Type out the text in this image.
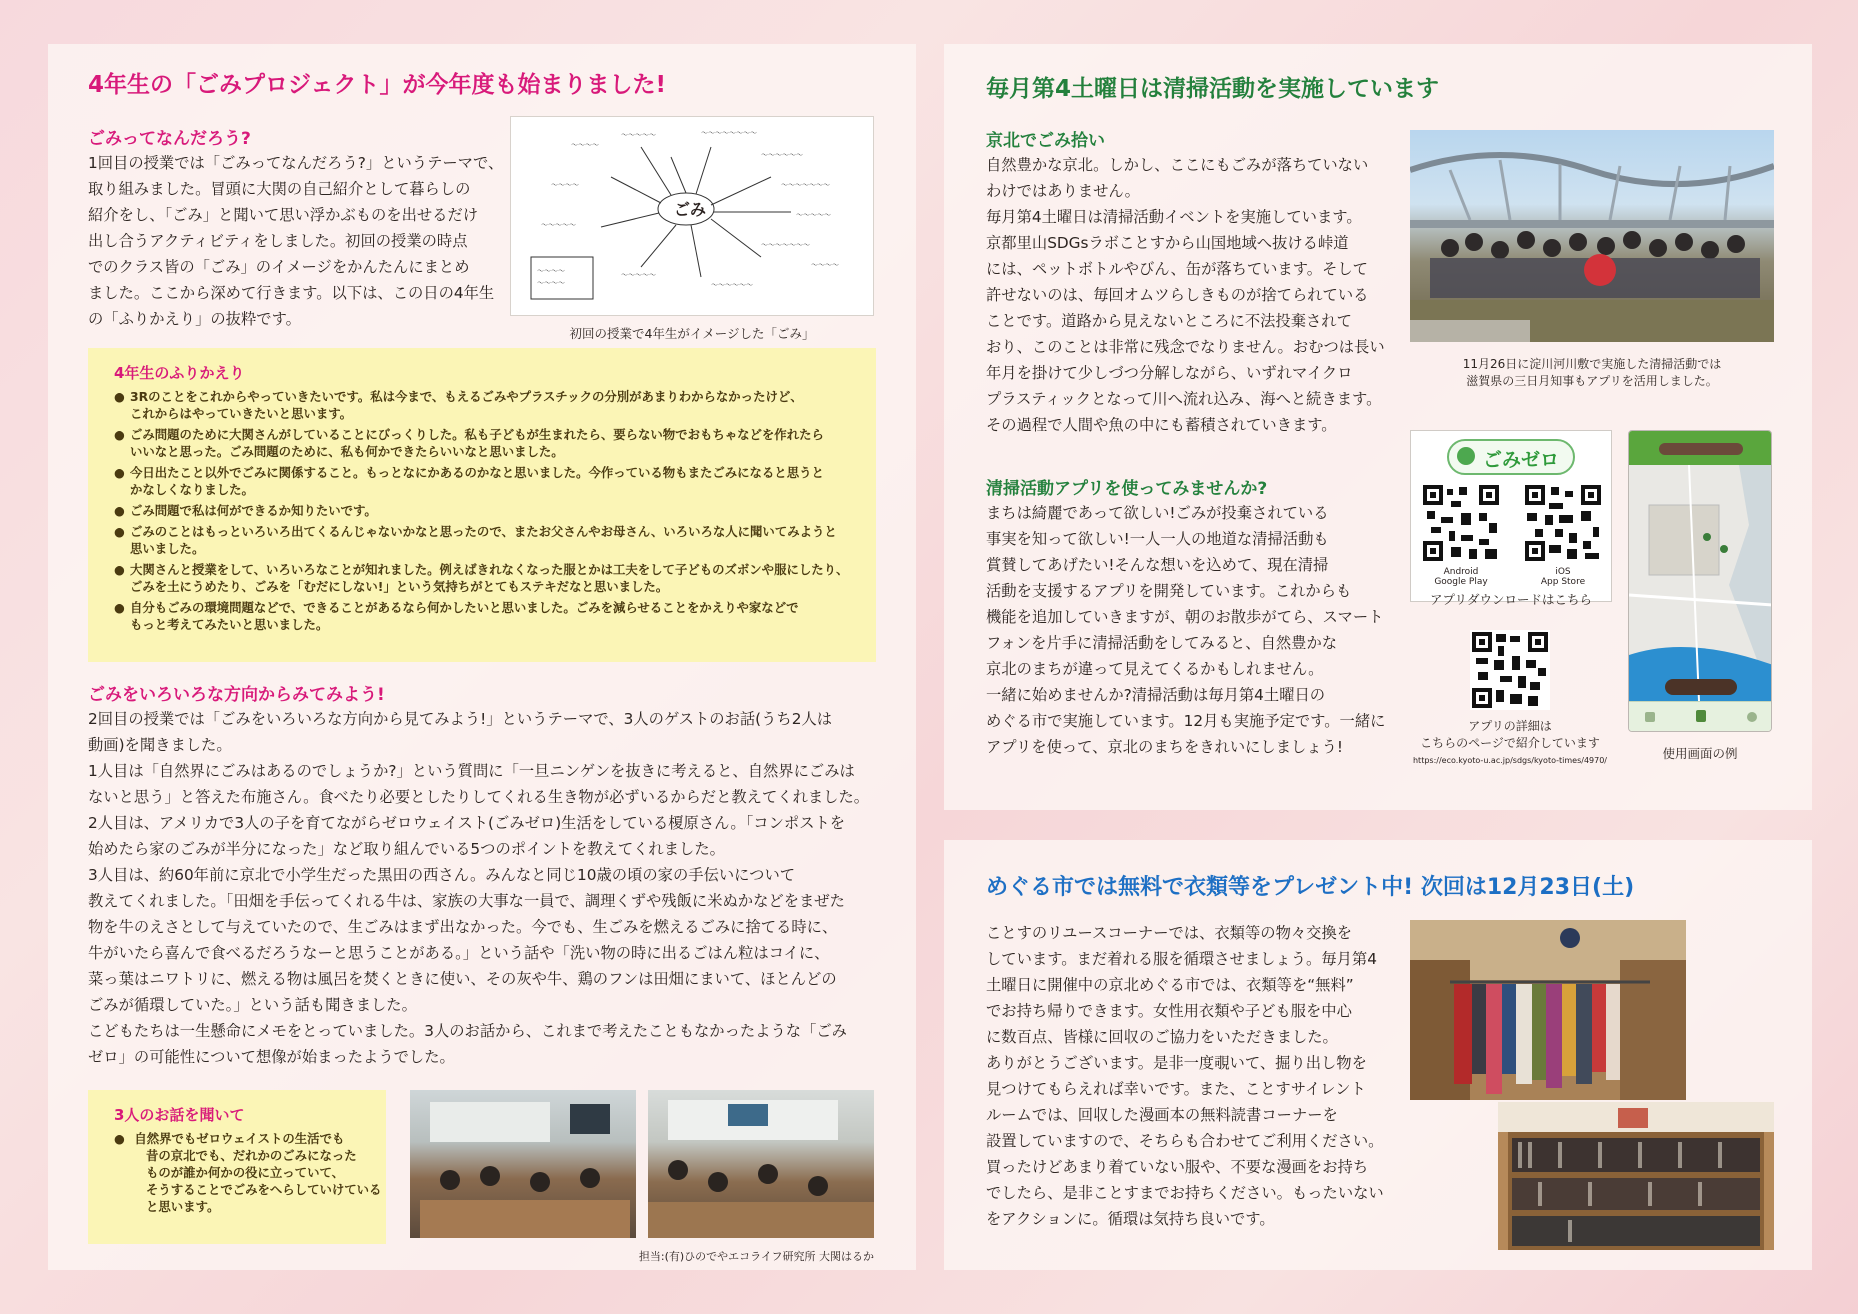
4年生の「ごみプロジェクト」が今年度も始まりました!
ごみってなんだろう?

1回目の授業では「ごみってなんだろう?」というテーマで、

取り組みました。冒頭に大関の自己紹介として暮らしの

紹介をし、「ごみ」と聞いて思い浮かぶものを出せるだけ

出し合うアクティビティをしました。初回の授業の時点

でのクラス皆の「ごみ」のイメージをかんたんにまとめ

ました。ここから深めて行きます。以下は、この日の4年生

の「ふりかえり」の抜粋です。

〜〜〜〜
〜〜〜〜〜	〜〜〜〜〜〜〜〜
〜〜〜〜〜〜
〜〜〜〜〜〜〜
〜〜〜〜〜
〜〜〜〜〜〜〜
〜〜〜〜〜〜
〜〜〜〜〜
〜〜〜〜〜
〜〜〜〜
〜〜〜〜
〜〜〜〜
〜〜〜〜
ごみ
初回の授業で4年生がイメージした「ごみ」
4年生のふりかえり
● 3Rのことをこれからやっていきたいです。私は今まで、もえるごみやプラスチックの分別があまりわからなかったけど、
これからはやっていきたいと思います。
● ごみ問題のために大関さんがしていることにびっくりした。私も子どもが生まれたら、要らない物でおもちゃなどを作れたら
いいなと思った。ごみ問題のために、私も何かできたらいいなと思いました。
● 今日出たこと以外でごみに関係すること。もっとなにかあるのかなと思いました。今作っている物もまたごみになると思うと
かなしくなりました。
● ごみ問題で私は何ができるか知りたいです。
● ごみのことはもっといろいろ出てくるんじゃないかなと思ったので、またお父さんやお母さん、いろいろな人に聞いてみようと
思いました。
● 大関さんと授業をして、いろいろなことが知れました。例えばきれなくなった服とかは工夫をして子どものズボンや服にしたり、
ごみを土にうめたり、ごみを「むだにしない!」という気持ちがとてもステキだなと思いました。
● 自分もごみの環境問題などで、できることがあるなら何かしたいと思いました。ごみを減らせることをかえりや家などで
もっと考えてみたいと思いました。
ごみをいろいろな方向からみてみよう!

2回目の授業では「ごみをいろいろな方向から見てみよう!」というテーマで、3人のゲストのお話(うち2人は

動画)を聞きました。

1人目は「自然界にごみはあるのでしょうか?」という質問に「一旦ニンゲンを抜きに考えると、自然界にごみは

ないと思う」と答えた布施さん。食べたり必要としたりしてくれる生き物が必ずいるからだと教えてくれました。

2人目は、アメリカで3人の子を育てながらゼロウェイスト(ごみゼロ)生活をしている榎原さん。「コンポストを

始めたら家のごみが半分になった」など取り組んでいる5つのポイントを教えてくれました。

3人目は、約60年前に京北で小学生だった黒田の西さん。みんなと同じ10歳の頃の家の手伝いについて

教えてくれました。「田畑を手伝ってくれる牛は、家族の大事な一員で、調理くずや残飯に米ぬかなどをまぜた

物を牛のえさとして与えていたので、生ごみはまず出なかった。今でも、生ごみを燃えるごみに捨てる時に、

牛がいたら喜んで食べるだろうなーと思うことがある。」という話や「洗い物の時に出るごはん粒はコイに、

菜っ葉はニワトリに、燃える物は風呂を焚くときに使い、その灰や牛、鶏のフンは田畑にまいて、ほとんどの

ごみが循環していた。」という話も聞きました。

こどもたちは一生懸命にメモをとっていました。3人のお話から、これまで考えたこともなかったような「ごみ

ゼロ」の可能性について想像が始まったようでした。

3人のお話を聞いて
● 自然界でもゼロウェイストの生活でも
昔の京北でも、だれかのごみになった
ものが誰か何かの役に立っていて、
そうすることでごみをへらしていけている
と思います。
担当:(有)ひのでやエコライフ研究所 大関はるか
毎月第4土曜日は清掃活動を実施しています
京北でごみ拾い

自然豊かな京北。しかし、ここにもごみが落ちていない

わけではありません。

毎月第4土曜日は清掃活動イベントを実施しています。

京都里山SDGsラボことすから山国地域へ抜ける峠道

には、ペットボトルやびん、缶が落ちています。そして

許せないのは、毎回オムツらしきものが捨てられている

ことです。道路から見えないところに不法投棄されて

おり、このことは非常に残念でなりません。おむつは長い

年月を掛けて少しづつ分解しながら、いずれマイクロ

プラスティックとなって川へ流れ込み、海へと続きます。

その過程で人間や魚の中にも蓄積されていきます。

11月26日に淀川河川敷で実施した清掃活動では
滋賀県の三日月知事もアプリを活用しました。
清掃活動アプリを使ってみませんか?

まちは綺麗であって欲しい!ごみが投棄されている

事実を知って欲しい!一人一人の地道な清掃活動も

賞賛してあげたい!そんな想いを込めて、現在清掃

活動を支援するアプリを開発しています。これからも

機能を追加していきますが、朝のお散歩がてら、スマート

フォンを片手に清掃活動をしてみると、自然豊かな

京北のまちが違って見えてくるかもしれません。

一緒に始めませんか?清掃活動は毎月第4土曜日の

めぐる市で実施しています。12月も実施予定です。一緒に

アプリを使って、京北のまちをきれいにしましょう!

ごみゼロ
Android
Google Play
iOS
App Store
アプリダウンロードはこちら
アプリの詳細は
こちらのページで紹介しています
https://eco.kyoto-u.ac.jp/sdgs/kyoto-times/4970/	使用画面の例
めぐる市では無料で衣類等をプレゼント中! 次回は12月23日(土)

ことすのリユースコーナーでは、衣類等の物々交換を

しています。まだ着れる服を循環させましょう。毎月第4

土曜日に開催中の京北めぐる市では、衣類等を“無料”

でお持ち帰りできます。女性用衣類や子ども服を中心

に数百点、皆様に回収のご協力をいただきました。

ありがとうございます。是非一度覗いて、掘り出し物を

見つけてもらえれば幸いです。また、ことすサイレント

ルームでは、回収した漫画本の無料読書コーナーを

設置していますので、そちらも合わせてご利用ください。

買ったけどあまり着ていない服や、不要な漫画をお持ち

でしたら、是非ことすまでお持ちください。もったいない

をアクションに。循環は気持ち良いです。
